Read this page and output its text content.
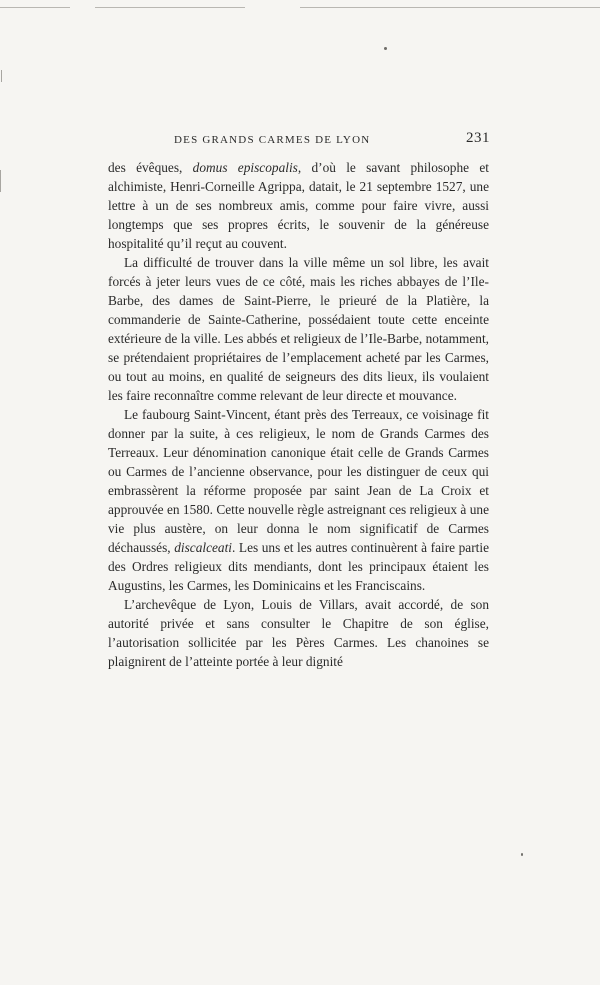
DES GRANDS CARMES DE LYON	231

des évêques, domus episcopalis, d’où le savant philosophe et alchimiste, Henri-Corneille Agrippa, datait, le 21 septembre 1527, une lettre à un de ses nombreux amis, comme pour faire vivre, aussi longtemps que ses propres écrits, le souvenir de la généreuse hospitalité qu’il reçut au couvent.

La difficulté de trouver dans la ville même un sol libre, les avait forcés à jeter leurs vues de ce côté, mais les riches abbayes de l’Ile-Barbe, des dames de Saint-Pierre, le prieuré de la Platière, la commanderie de Sainte-Catherine, possédaient toute cette enceinte extérieure de la ville. Les abbés et religieux de l’Ile-Barbe, notamment, se prétendaient propriétaires de l’emplacement acheté par les Carmes, ou tout au moins, en qualité de seigneurs des dits lieux, ils voulaient les faire reconnaître comme relevant de leur directe et mouvance.

Le faubourg Saint-Vincent, étant près des Terreaux, ce voisinage fit donner par la suite, à ces religieux, le nom de Grands Carmes des Terreaux. Leur dénomination canonique était celle de Grands Carmes ou Carmes de l’ancienne observance, pour les distinguer de ceux qui embrassèrent la réforme proposée par saint Jean de La Croix et approuvée en 1580. Cette nouvelle règle astreignant ces religieux à une vie plus austère, on leur donna le nom significatif de Carmes déchaussés, discalceati. Les uns et les autres continuèrent à faire partie des Ordres religieux dits mendiants, dont les principaux étaient les Augustins, les Carmes, les Dominicains et les Franciscains.

L’archevêque de Lyon, Louis de Villars, avait accordé, de son autorité privée et sans consulter le Chapitre de son église, l’autorisation sollicitée par les Pères Carmes. Les chanoines se plaignirent de l’atteinte portée à leur dignité
